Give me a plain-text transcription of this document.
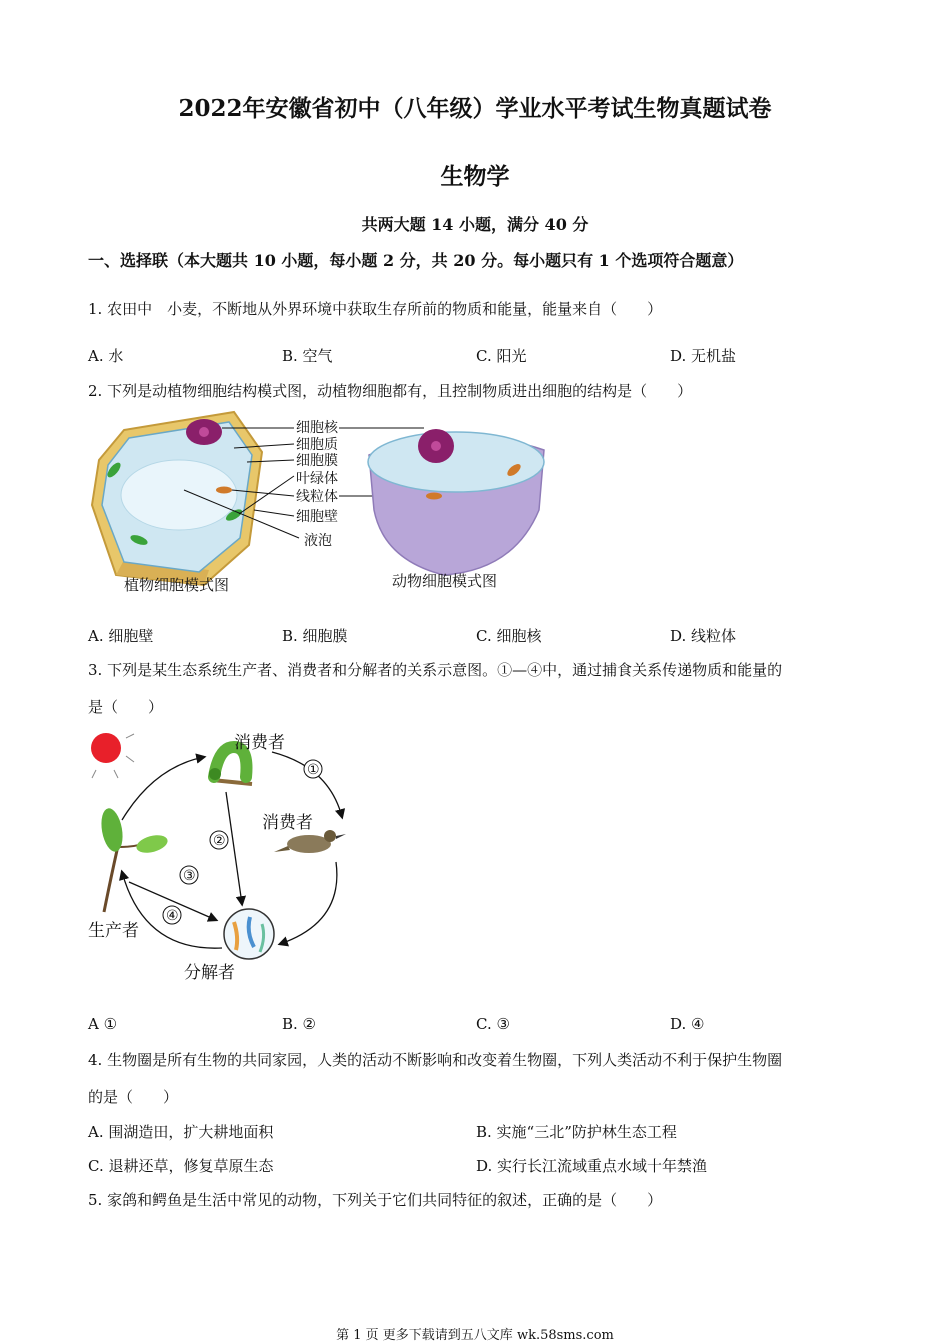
2022年安徽省初中（八年级）学业水平考试生物真题试卷
生物学
共两大题 14 小题，满分 40 分
一、选择联（本大题共 10 小题，每小题 2 分，共 20 分。每小题只有 1 个选项符合题意）
1. 农田中　小麦，不断地从外界环境中获取生存所前的物质和能量，能量来自（　　）
A. 水	B. 空气	C. 阳光	D. 无机盐
2. 下列是动植物细胞结构模式图，动植物细胞都有，且控制物质进出细胞的结构是（　　）
细胞核
细胞质
细胞膜
叶绿体
线粒体
细胞壁
液泡
植物细胞模式图	动物细胞模式图
A. 细胞壁	B. 细胞膜	C. 细胞核	D. 线粒体
3. 下列是某生态系统生产者、消费者和分解者的关系示意图。①—④中，通过捕食关系传递物质和能量的
是（　　）
①
②
③
④
消费者
消费者
生产者
分解者
A ①	B. ②	C. ③	D. ④
4. 生物圈是所有生物的共同家园，人类的活动不断影响和改变着生物圈，下列人类活动不利于保护生物圈
的是（　　）
A. 围湖造田，扩大耕地面积	B. 实施“三北”防护林生态工程
C. 退耕还草，修复草原生态	D. 实行长江流域重点水域十年禁渔
5. 家鸽和鳄鱼是生活中常见的动物，下列关于它们共同特征的叙述，正确的是（　　）
第 1 页 更多下载请到五八文库 wk.58sms.com
